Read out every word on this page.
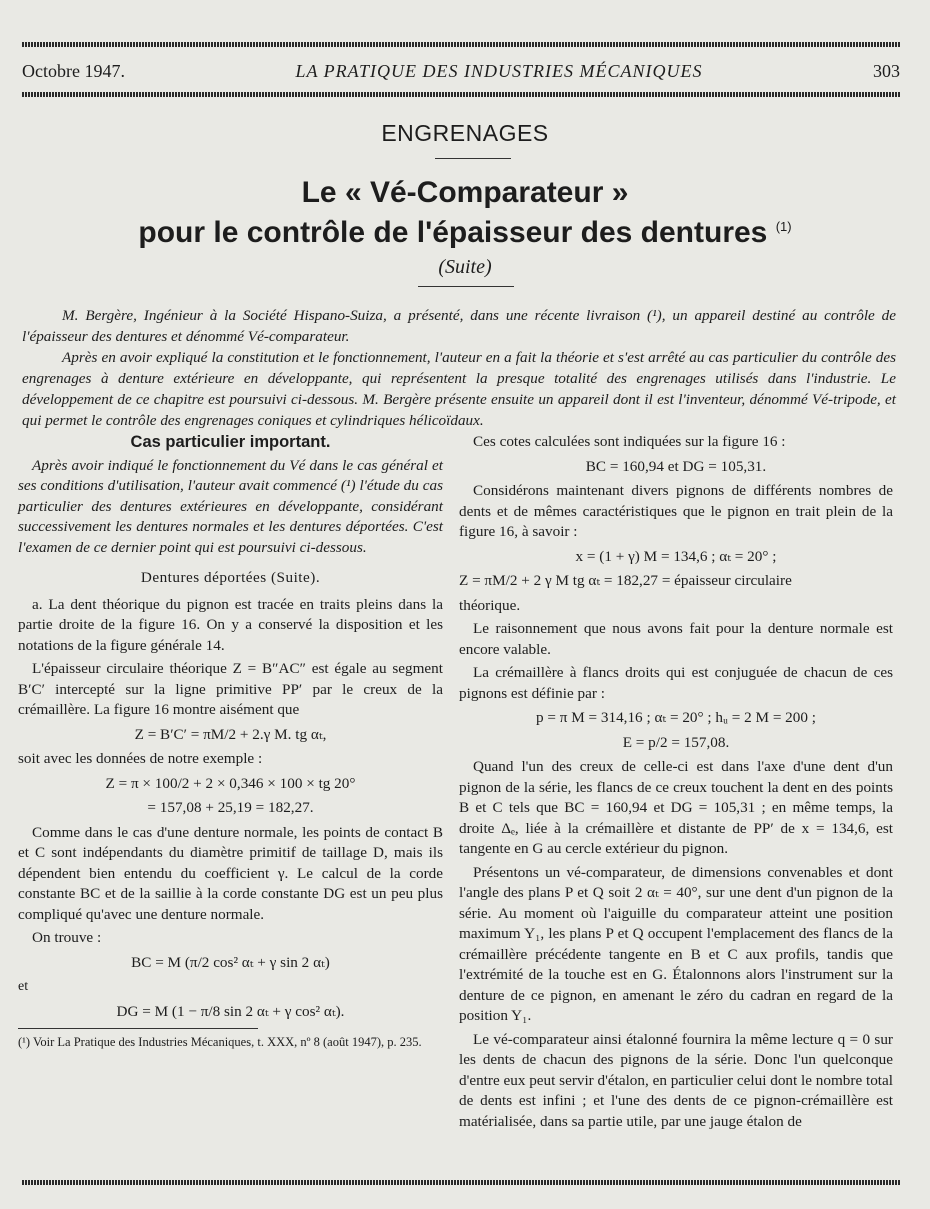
Octobre 1947.	LA PRATIQUE DES INDUSTRIES MÉCANIQUES	303
ENGRENAGES
Le « Vé-Comparateur »
pour le contrôle de l'épaisseur des dentures $^{(1)}$
(Suite)

M. Bergère, Ingénieur à la Société Hispano-Suiza, a présenté, dans une récente livraison (¹), un appareil destiné au contrôle de l'épaisseur des dentures et dénommé Vé-comparateur.

Après en avoir expliqué la constitution et le fonctionnement, l'auteur en a fait la théorie et s'est arrêté au cas particulier du contrôle des engrenages à denture extérieure en développante, qui représentent la presque totalité des engrenages utilisés dans l'industrie. Le développement de ce chapitre est poursuivi ci-dessous. M. Bergère présente ensuite un appareil dont il est l'inventeur, dénommé Vé-tripode, et qui permet le contrôle des engrenages coniques et cylindriques hélicoïdaux.

Cas particulier important.

Après avoir indiqué le fonctionnement du Vé dans le cas général et ses conditions d'utilisation, l'auteur avait commencé (¹) l'étude du cas particulier des dentures extérieures en développante, considérant successivement les dentures normales et les dentures déportées. C'est l'examen de ce dernier point qui est poursuivi ci-dessous.

Dentures déportées (Suite).

a. La dent théorique du pignon est tracée en traits pleins dans la partie droite de la figure 16. On y a conservé la disposition et les notations de la figure générale 14.

L'épaisseur circulaire théorique Z = B″AC″ est égale au segment B′C′ intercepté sur la ligne primitive PP′ par le creux de la crémaillère. La figure 16 montre aisément que

Z = B′C′ = πM/2 + 2.γ M. tg αₜ,

soit avec les données de notre exemple :

Z = π × 100/2 + 2 × 0,346 × 100 × tg 20°

= 157,08 + 25,19 = 182,27.

Comme dans le cas d'une denture normale, les points de contact B et C sont indépendants du diamètre primitif de taillage D, mais ils dépendent bien entendu du coefficient γ. Le calcul de la corde constante BC et de la saillie à la corde constante DG est un peu plus compliqué qu'avec une denture normale.

On trouve :

BC = M (π/2 cos² αₜ + γ sin 2 αₜ)

et

DG = M (1 − π/8 sin 2 αₜ + γ cos² αₜ).

(¹) Voir La Pratique des Industries Mécaniques, t. XXX, nº 8 (août 1947), p. 235.

Ces cotes calculées sont indiquées sur la figure 16 :

BC = 160,94 et DG = 105,31.

Considérons maintenant divers pignons de différents nombres de dents et de mêmes caractéristiques que le pignon en trait plein de la figure 16, à savoir :

x = (1 + γ) M = 134,6 ; αₜ = 20° ;

Z = πM/2 + 2 γ M tg αₜ = 182,27 = épaisseur circulaire

théorique.

Le raisonnement que nous avons fait pour la denture normale est encore valable.

La crémaillère à flancs droits qui est conjuguée de chacun de ces pignons est définie par :

p = π M = 314,16 ; αₜ = 20° ; hᵤ = 2 M = 200 ;

E = p/2 = 157,08.

Quand l'un des creux de celle-ci est dans l'axe d'une dent d'un pignon de la série, les flancs de ce creux touchent la dent en des points B et C tels que BC = 160,94 et DG = 105,31 ; en même temps, la droite Δₑ, liée à la crémaillère et distante de PP′ de x = 134,6, est tangente en G au cercle extérieur du pignon.

Présentons un vé-comparateur, de dimensions convenables et dont l'angle des plans P et Q soit 2 αₜ = 40°, sur une dent d'un pignon de la série. Au moment où l'aiguille du comparateur atteint une position maximum Y₁, les plans P et Q occupent l'emplacement des flancs de la crémaillère précédente tangente en B et C aux profils, tandis que l'extrémité de la touche est en G. Étalonnons alors l'instrument sur la denture de ce pignon, en amenant le zéro du cadran en regard de la position Y₁.

Le vé-comparateur ainsi étalonné fournira la même lecture q = 0 sur les dents de chacun des pignons de la série. Donc l'un quelconque d'entre eux peut servir d'étalon, en particulier celui dont le nombre total de dents est infini ; et l'une des dents de ce pignon-crémaillère est matérialisée, dans sa partie utile, par une jauge étalon de
